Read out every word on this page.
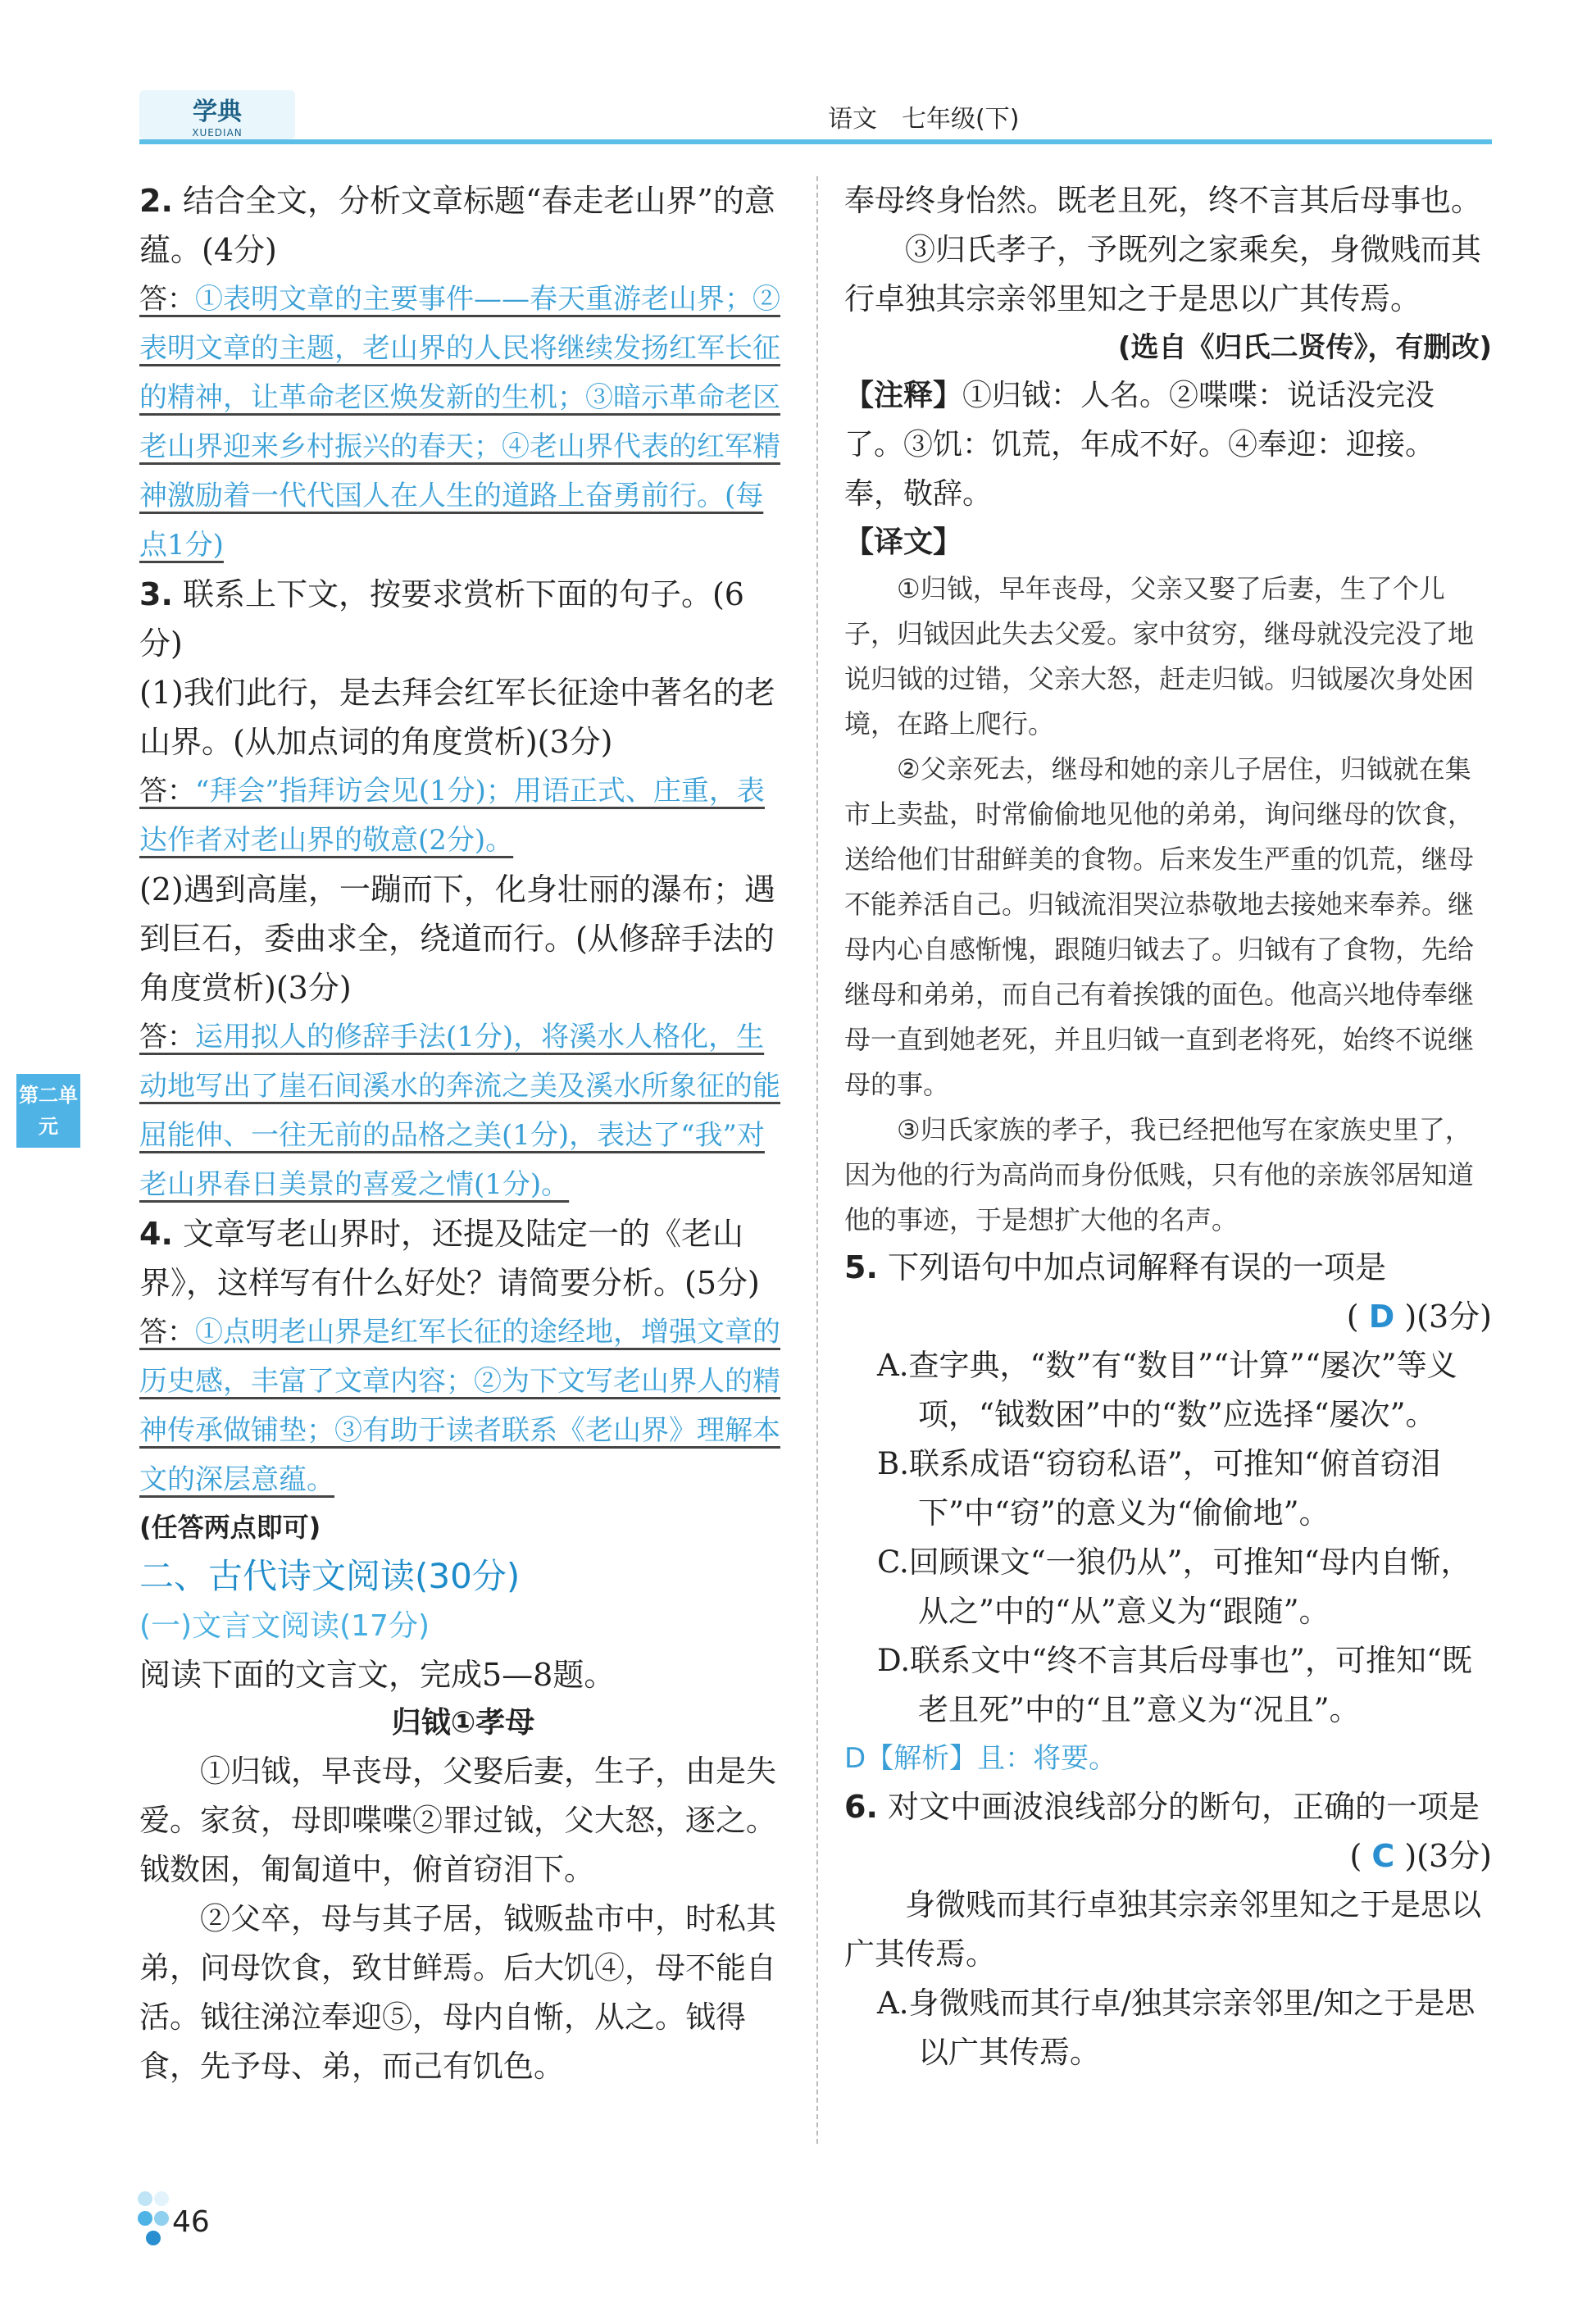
学典
XUEDIAN	语文　七年级(下)
第二单元

2. 结合全文，分析文章标题“春走老山界”的意蕴。(4分)

答：①表明文章的主要事件——春天重游老山界；②表明文章的主题，老山界的人民将继续发扬红军长征的精神，让革命老区焕发新的生机；③暗示革命老区老山界迎来乡村振兴的春天；④老山界代表的红军精神激励着一代代国人在人生的道路上奋勇前行。(每点1分)

3. 联系上下文，按要求赏析下面的句子。(6分)

(1)我们此行，是去拜会红军长征途中著名的老山界。(从加点词的角度赏析)(3分)

答：“拜会”指拜访会见(1分)；用语正式、庄重，表达作者对老山界的敬意(2分)。

(2)遇到高崖，一蹦而下，化身壮丽的瀑布；遇到巨石，委曲求全，绕道而行。(从修辞手法的角度赏析)(3分)

答：运用拟人的修辞手法(1分)，将溪水人格化，生动地写出了崖石间溪水的奔流之美及溪水所象征的能屈能伸、一往无前的品格之美(1分)，表达了“我”对老山界春日美景的喜爱之情(1分)。

4. 文章写老山界时，还提及陆定一的《老山界》，这样写有什么好处？请简要分析。(5分)

答：①点明老山界是红军长征的途经地，增强文章的历史感，丰富了文章内容；②为下文写老山界人的精神传承做铺垫；③有助于读者联系《老山界》理解本文的深层意蕴。

(任答两点即可)

二、古代诗文阅读(30分)

(一)文言文阅读(17分)

阅读下面的文言文，完成5—8题。

归钺①孝母

①归钺，早丧母，父娶后妻，生子，由是失爱。家贫，母即喋喋②罪过钺，父大怒，逐之。钺数困，匍匐道中，俯首窃泪下。

②父卒，母与其子居，钺贩盐市中，时私其弟，问母饮食，致甘鲜焉。后大饥④，母不能自活。钺往涕泣奉迎⑤，母内自惭，从之。钺得食，先予母、弟，而己有饥色。

奉母终身怡然。既老且死，终不言其后母事也。

③归氏孝子，予既列之家乘矣，身微贱而其行卓独其宗亲邻里知之于是思以广其传焉。

(选自《归氏二贤传》，有删改)

【注释】①归钺：人名。②喋喋：说话没完没了。③饥：饥荒，年成不好。④奉迎：迎接。奉，敬辞。

【译文】

①归钺，早年丧母，父亲又娶了后妻，生了个儿子，归钺因此失去父爱。家中贫穷，继母就没完没了地说归钺的过错，父亲大怒，赶走归钺。归钺屡次身处困境，在路上爬行。

②父亲死去，继母和她的亲儿子居住，归钺就在集市上卖盐，时常偷偷地见他的弟弟，询问继母的饮食，送给他们甘甜鲜美的食物。后来发生严重的饥荒，继母不能养活自己。归钺流泪哭泣恭敬地去接她来奉养。继母内心自感惭愧，跟随归钺去了。归钺有了食物，先给继母和弟弟，而自己有着挨饿的面色。他高兴地侍奉继母一直到她老死，并且归钺一直到老将死，始终不说继母的事。

③归氏家族的孝子，我已经把他写在家族史里了，因为他的行为高尚而身份低贱，只有他的亲族邻居知道他的事迹，于是想扩大他的名声。

5. 下列语句中加点词解释有误的一项是

( D )(3分)

A.查字典，“数”有“数目”“计算”“屡次”等义项，“钺数困”中的“数”应选择“屡次”。

B.联系成语“窃窃私语”，可推知“俯首窃泪下”中“窃”的意义为“偷偷地”。

C.回顾课文“一狼仍从”，可推知“母内自惭，从之”中的“从”意义为“跟随”。

D.联系文中“终不言其后母事也”，可推知“既老且死”中的“且”意义为“况且”。

D【解析】且：将要。

6. 对文中画波浪线部分的断句，正确的一项是

( C )(3分)

身微贱而其行卓独其宗亲邻里知之于是思以广其传焉。

A.身微贱而其行卓/独其宗亲邻里/知之于是思以广其传焉。

46
